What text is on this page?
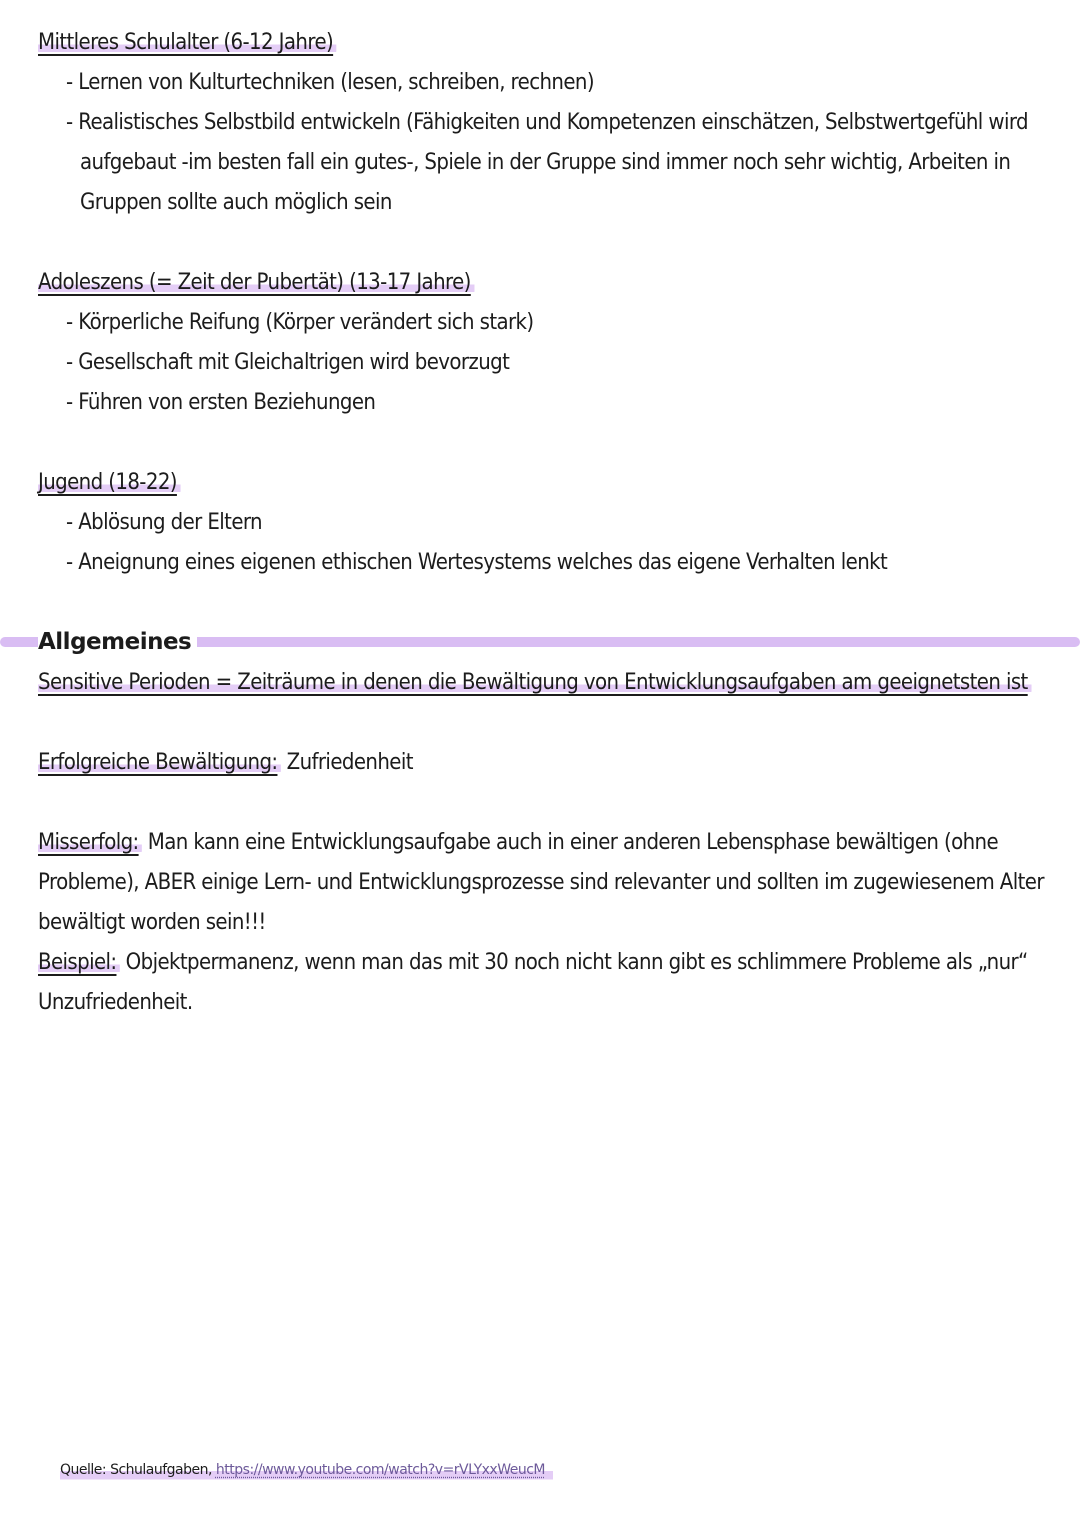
Mittleres Schulalter (6-12 Jahre)
- Lernen von Kulturtechniken (lesen, schreiben, rechnen)
- Realistisches Selbstbild entwickeln (Fähigkeiten und Kompetenzen einschätzen, Selbstwertgefühl wird
aufgebaut -im besten fall ein gutes-, Spiele in der Gruppe sind immer noch sehr wichtig, Arbeiten in
Gruppen sollte auch möglich sein
Adoleszens (= Zeit der Pubertät) (13-17 Jahre)
- Körperliche Reifung (Körper verändert sich stark)
- Gesellschaft mit Gleichaltrigen wird bevorzugt
- Führen von ersten Beziehungen
Jugend (18-22)
- Ablösung der Eltern
- Aneignung eines eigenen ethischen Wertesystems welches das eigene Verhalten lenkt
Allgemeines
Sensitive Perioden = Zeiträume in denen die Bewältigung von Entwicklungsaufgaben am geeignetsten ist
Erfolgreiche Bewältigung: Zufriedenheit
Misserfolg: Man kann eine Entwicklungsaufgabe auch in einer anderen Lebensphase bewältigen (ohne
Probleme), ABER einige Lern- und Entwicklungsprozesse sind relevanter und sollten im zugewiesenem Alter
bewältigt worden sein!!!
Beispiel: Objektpermanenz, wenn man das mit 30 noch nicht kann gibt es schlimmere Probleme als „nur“
Unzufriedenheit.
Quelle: Schulaufgaben, https://www.youtube.com/watch?v=rVLYxxWeucM
